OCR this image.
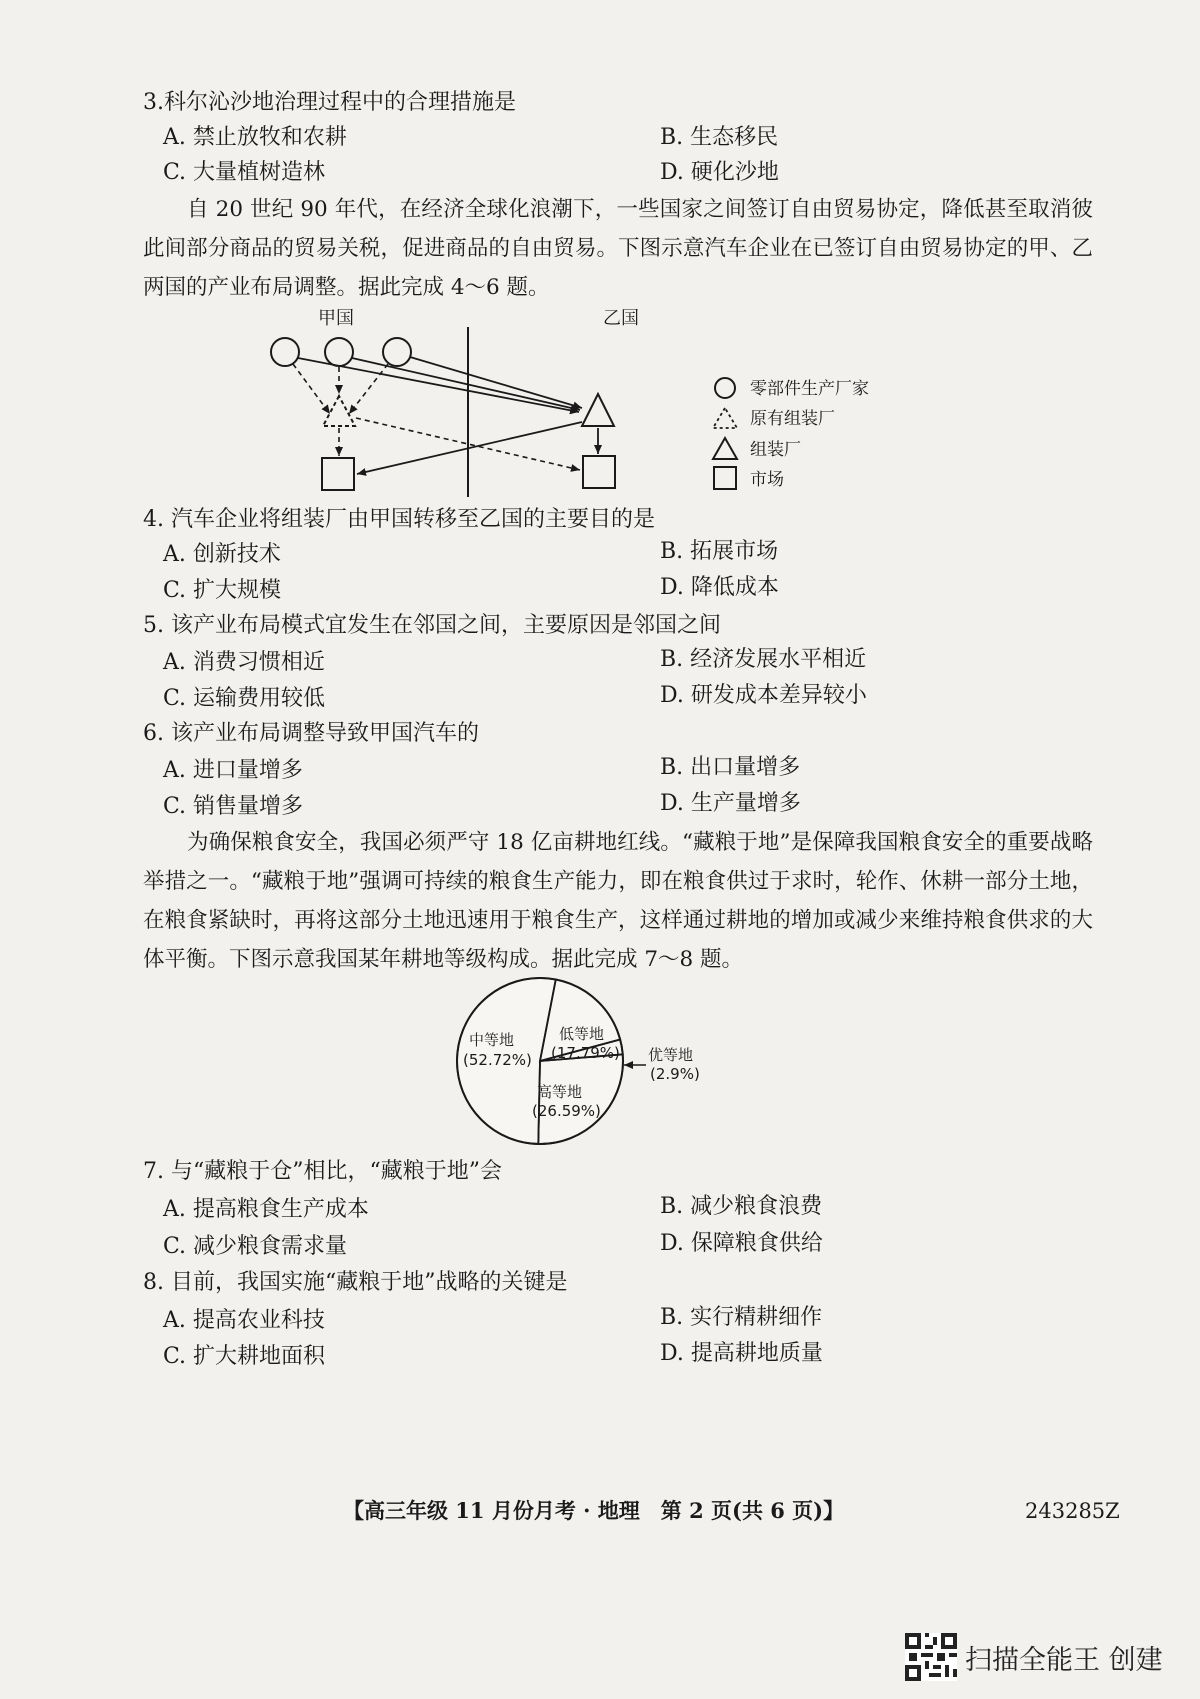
3.科尔沁沙地治理过程中的合理措施是
A. 禁止放牧和农耕	B. 生态移民
C. 大量植树造林	D. 硬化沙地
自 20 世纪 90 年代，在经济全球化浪潮下，一些国家之间签订自由贸易协定，降低甚至取消彼此间部分商品的贸易关税，促进商品的自由贸易。下图示意汽车企业在已签订自由贸易协定的甲、乙两国的产业布局调整。据此完成 4～6 题。
甲国	乙国
零部件生产厂家
原有组装厂
组装厂
市场
4. 汽车企业将组装厂由甲国转移至乙国的主要目的是
A. 创新技术	B. 拓展市场
C. 扩大规模	D. 降低成本
5. 该产业布局模式宜发生在邻国之间，主要原因是邻国之间
A. 消费习惯相近	B. 经济发展水平相近
C. 运输费用较低	D. 研发成本差异较小
6. 该产业布局调整导致甲国汽车的
A. 进口量增多	B. 出口量增多
C. 销售量增多	D. 生产量增多
为确保粮食安全，我国必须严守 18 亿亩耕地红线。“藏粮于地”是保障我国粮食安全的重要战略举措之一。“藏粮于地”强调可持续的粮食生产能力，即在粮食供过于求时，轮作、休耕一部分土地，在粮食紧缺时，再将这部分土地迅速用于粮食生产，这样通过耕地的增加或减少来维持粮食供求的大体平衡。下图示意我国某年耕地等级构成。据此完成 7～8 题。
中等地
(52.72%)
低等地
(17.79%)
高等地
(26.59%)
优等地
(2.9%)
7. 与“藏粮于仓”相比，“藏粮于地”会
A. 提高粮食生产成本	B. 减少粮食浪费
C. 减少粮食需求量	D. 保障粮食供给
8. 目前，我国实施“藏粮于地”战略的关键是
A. 提高农业科技	B. 实行精耕细作
C. 扩大耕地面积	D. 提高耕地质量
【高三年级 11 月份月考 · 地理　第 2 页(共 6 页)】	243285Z
扫描全能王 创建
